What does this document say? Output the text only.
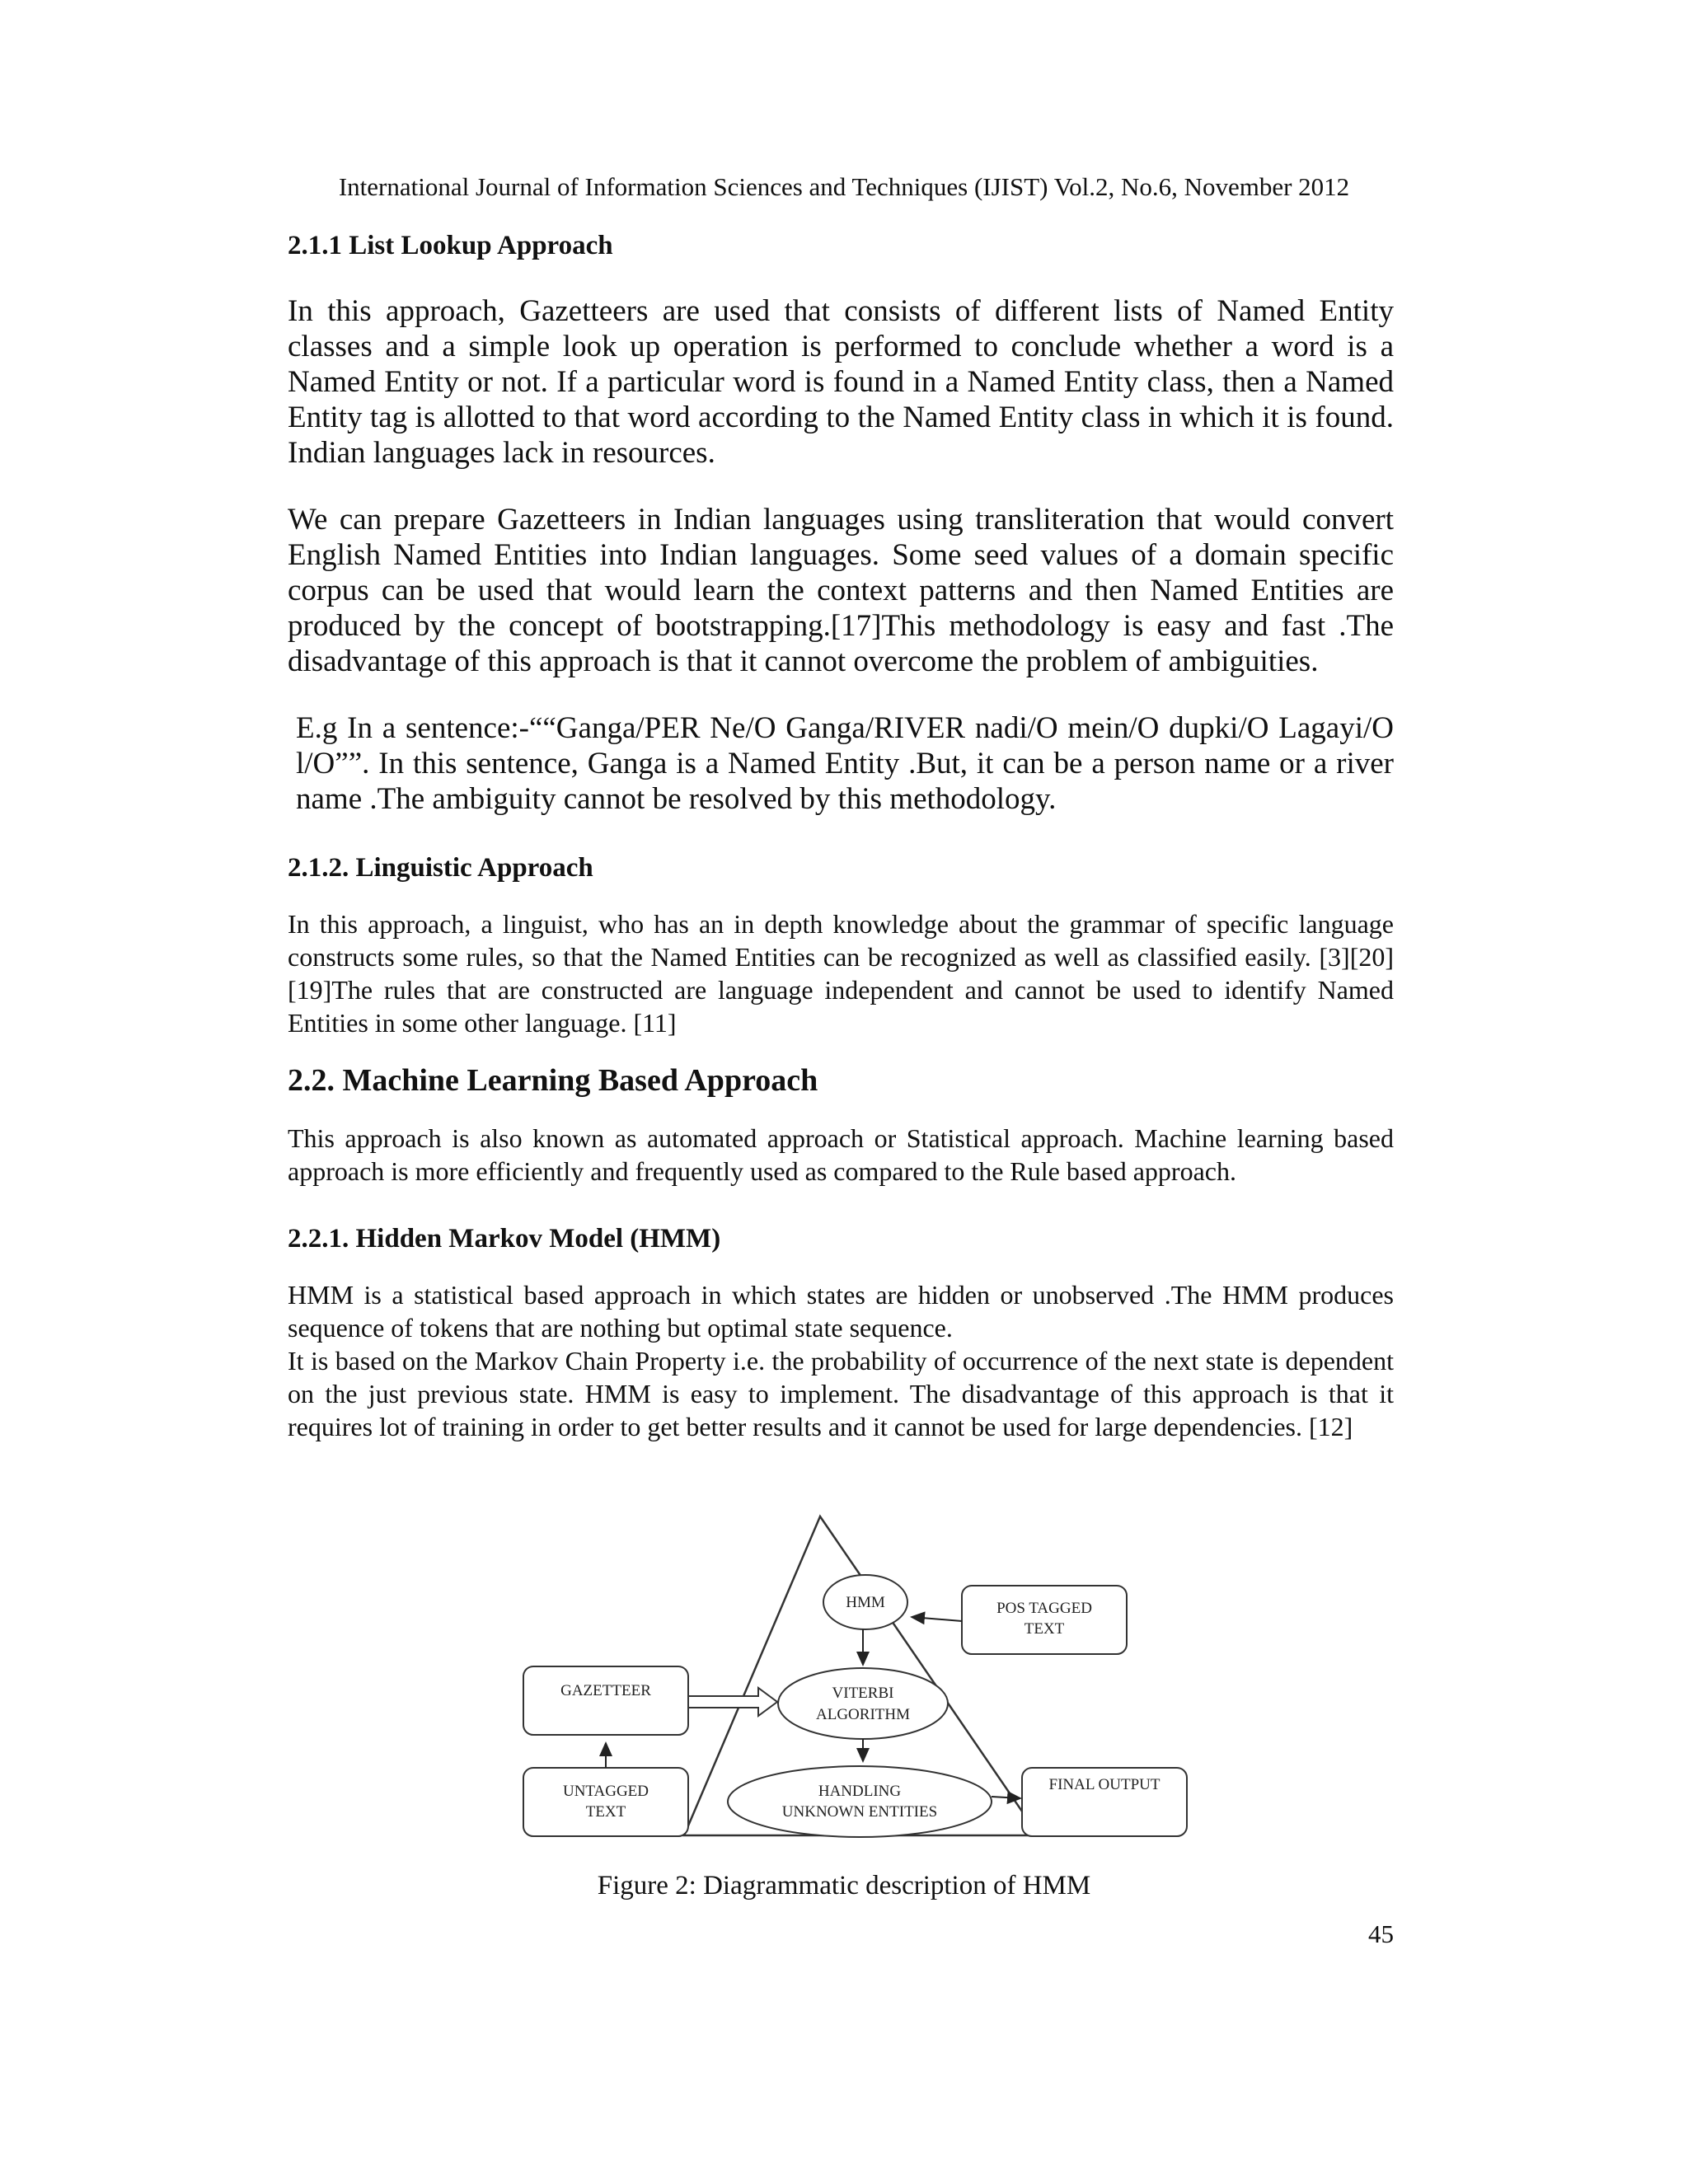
International Journal of Information Sciences and Techniques (IJIST) Vol.2, No.6, November 2012

2.1.1 List Lookup Approach

In this approach, Gazetteers are used that consists of different lists of Named Entity classes and a simple look up operation is performed to conclude whether a word is a Named Entity or not. If a particular word is found in a Named Entity class, then a Named Entity tag is allotted to that word according to the Named Entity class in which it is found. Indian languages lack in resources.

We can prepare Gazetteers in Indian languages using transliteration that would convert English Named Entities into Indian languages. Some seed values of a domain specific corpus can be used that would learn the context patterns and then Named Entities are produced by the concept of bootstrapping.[17]This methodology is easy and fast .The disadvantage of this approach is that it cannot overcome the problem of ambiguities.

E.g In a sentence:-““Ganga/PER Ne/O Ganga/RIVER nadi/O mein/O dupki/O Lagayi/O l/O””. In this sentence, Ganga is a Named Entity .But, it can be a person name or a river name .The ambiguity cannot be resolved by this methodology.

2.1.2. Linguistic Approach

In this approach, a linguist, who has an in depth knowledge about the grammar of specific language constructs some rules, so that the Named Entities can be recognized as well as classified easily. [3][20][19]The rules that are constructed are language independent and cannot be used to identify Named Entities in some other language. [11]

2.2. Machine Learning Based Approach

This approach is also known as automated approach or Statistical approach. Machine learning based approach is more efficiently and frequently used as compared to the Rule based approach.

2.2.1. Hidden Markov Model (HMM)

HMM is a statistical based approach in which states are hidden or unobserved .The HMM produces sequence of tokens that are nothing but optimal state sequence.

It is based on the Markov Chain Property i.e. the probability of occurrence of the next state is dependent on the just previous state. HMM is easy to implement. The disadvantage of this approach is that it requires lot of training in order to get better results and it cannot be used for large dependencies. [12]

HMM	POS TAGGED
TEXT
VITERBI
ALGORITHM
GAZETTEER
UNTAGGED
TEXT
HANDLING
UNKNOWN ENTITIES
FINAL OUTPUT
Figure 2: Diagrammatic description of HMM
45
